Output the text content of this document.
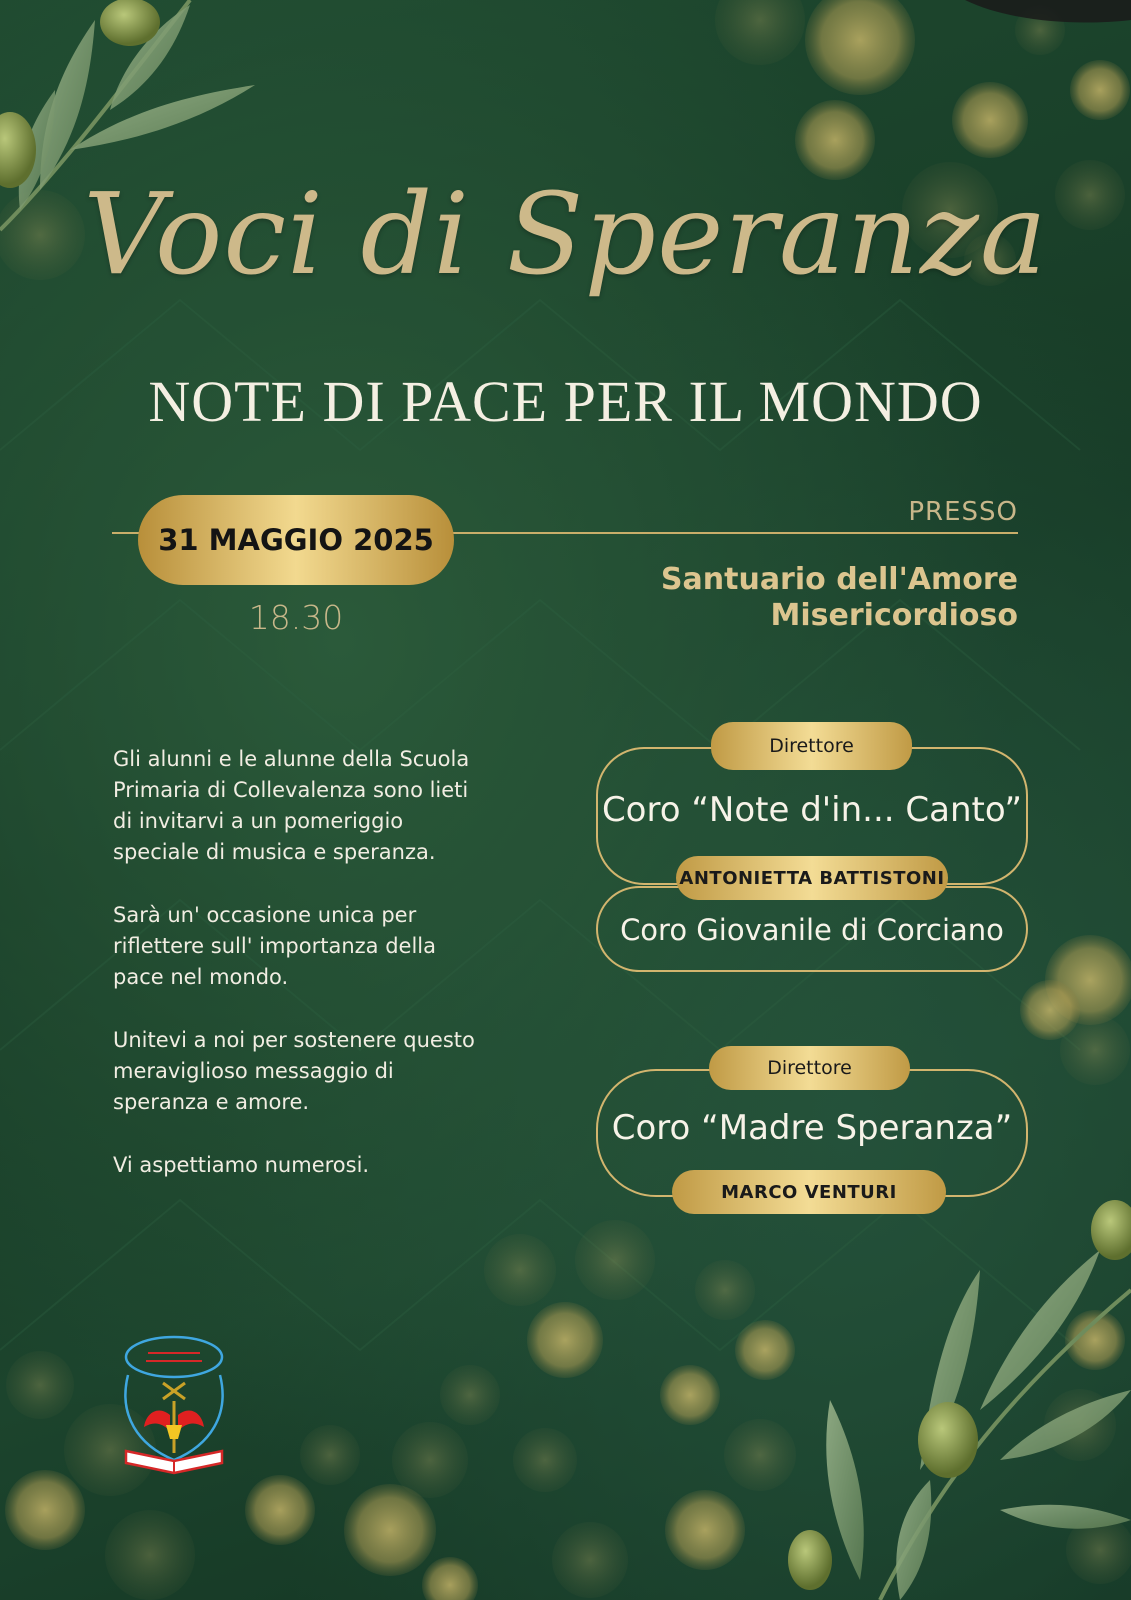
Voci di Speranza
NOTE DI PACE PER IL MONDO
31 MAGGIO 2025
18.30
PRESSO
Santuario dell'Amore
Misericordioso

Gli alunni e le alunne della Scuola Primaria di Collevalenza sono lieti di invitarvi a un pomeriggio speciale di musica e speranza.

Sarà un' occasione unica per riflettere sull' importanza della pace nel mondo.

Unitevi a noi per sostenere questo meraviglioso messaggio di speranza e amore.

Vi aspettiamo numerosi.

Direttore
Coro “Note d'in... Canto”
ANTONIETTA BATTISTONI
Coro Giovanile di Corciano
Direttore
Coro “Madre Speranza”
MARCO VENTURI
